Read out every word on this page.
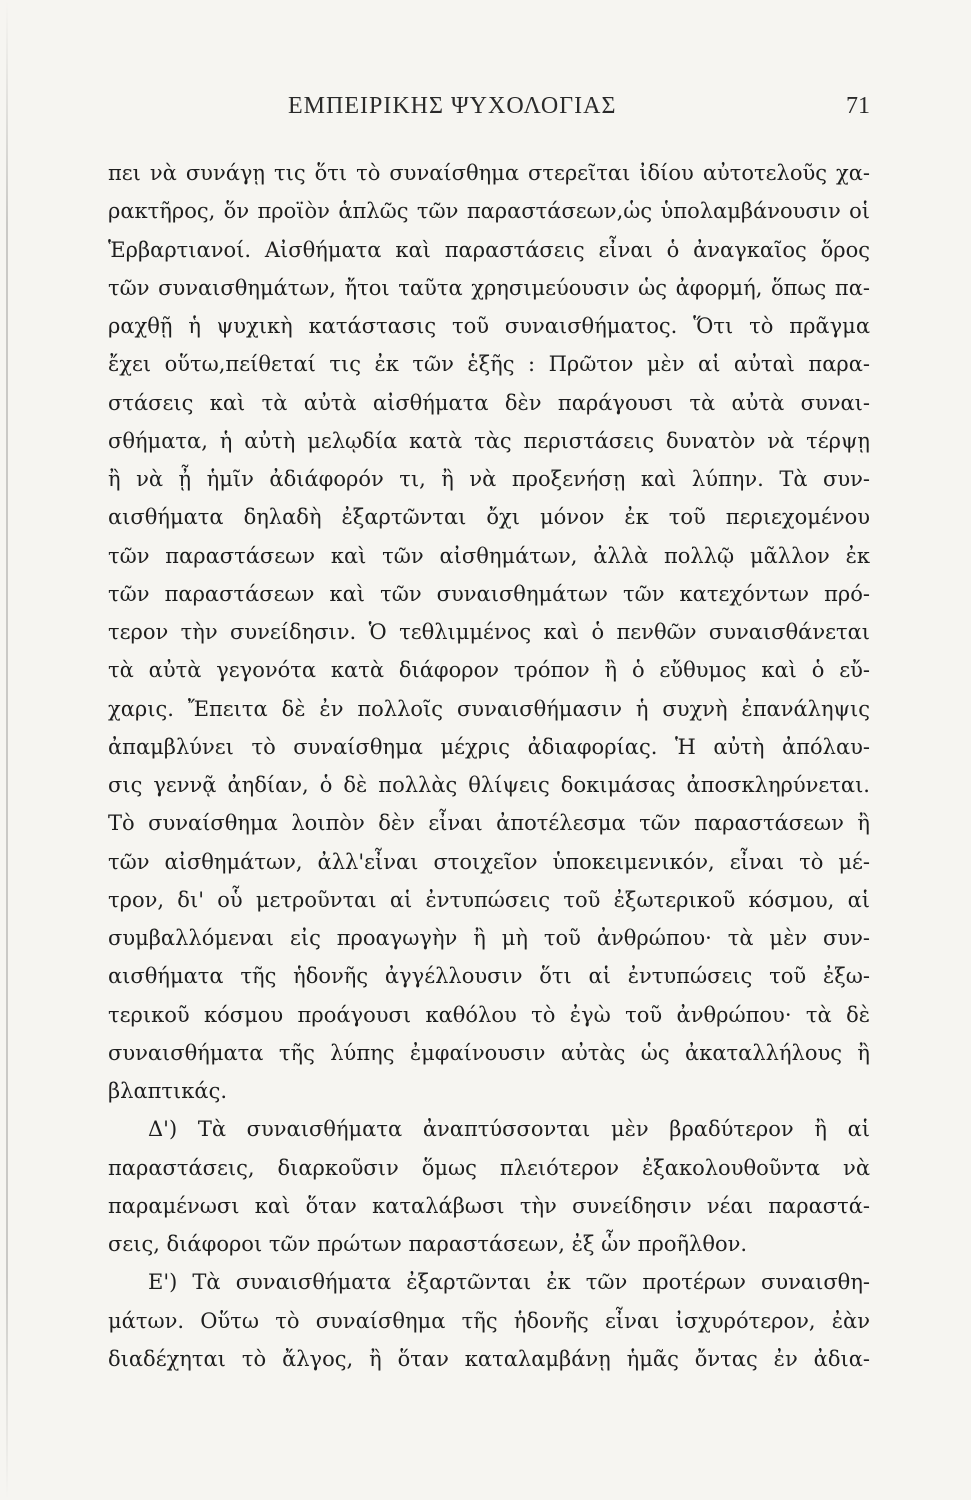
ΕΜΠΕΙΡΙΚΗΣ ΨΥΧΟΛΟΓΙΑΣ	71
πει νὰ συνάγῃ τις ὅτι τὸ συναίσθημα στερεῖται ἰδίου αὐτοτελοῦς χα-
ρακτῆρος, ὅν προϊὸν ἁπλῶς τῶν παραστάσεων,ὡς ὑπολαμβάνουσιν οἱ
Ἑρβαρτιανοί. Αἰσθήματα καὶ παραστάσεις εἶναι ὁ ἀναγκαῖος ὅρος
τῶν συναισθημάτων, ἤτοι ταῦτα χρησιμεύουσιν ὡς ἀφορμή, ὅπως πα-
ραχθῇ ἡ ψυχικὴ κατάστασις τοῦ συναισθήματος. Ὅτι τὸ πρᾶγμα
ἔχει οὕτω,πείθεταί τις ἐκ τῶν ἑξῆς : Πρῶτον μὲν αἱ αὐταὶ παρα-
στάσεις καὶ τὰ αὐτὰ αἰσθήματα δὲν παράγουσι τὰ αὐτὰ συναι-
σθήματα, ἡ αὐτὴ μελῳδία κατὰ τὰς περιστάσεις δυνατὸν νὰ τέρψῃ
ἢ νὰ ᾖ ἡμῖν ἀδιάφορόν τι, ἢ νὰ προξενήσῃ καὶ λύπην. Τὰ συν-
αισθήματα δηλαδὴ ἐξαρτῶνται ὄχι μόνον ἐκ τοῦ περιεχομένου
τῶν παραστάσεων καὶ τῶν αἰσθημάτων, ἀλλὰ πολλῷ μᾶλλον ἐκ
τῶν παραστάσεων καὶ τῶν συναισθημάτων τῶν κατεχόντων πρό-
τερον τὴν συνείδησιν. Ὁ τεθλιμμένος καὶ ὁ πενθῶν συναισθάνεται
τὰ αὐτὰ γεγονότα κατὰ διάφορον τρόπον ἢ ὁ εὔθυμος καὶ ὁ εὔ-
χαρις. Ἔπειτα δὲ ἐν πολλοῖς συναισθήμασιν ἡ συχνὴ ἐπανάληψις
ἀπαμβλύνει τὸ συναίσθημα μέχρις ἀδιαφορίας. Ἡ αὐτὴ ἀπόλαυ-
σις γεννᾷ ἀηδίαν, ὁ δὲ πολλὰς θλίψεις δοκιμάσας ἀποσκληρύνεται.
Τὸ συναίσθημα λοιπὸν δὲν εἶναι ἀποτέλεσμα τῶν παραστάσεων ἢ
τῶν αἰσθημάτων, ἀλλ'εἶναι στοιχεῖον ὑποκειμενικόν, εἶναι τὸ μέ-
τρον, δι' οὗ μετροῦνται αἱ ἐντυπώσεις τοῦ ἐξωτερικοῦ κόσμου, αἱ
συμβαλλόμεναι εἰς προαγωγὴν ἢ μὴ τοῦ ἀνθρώπου· τὰ μὲν συν-
αισθήματα τῆς ἡδονῆς ἀγγέλλουσιν ὅτι αἱ ἐντυπώσεις τοῦ ἐξω-
τερικοῦ κόσμου προάγουσι καθόλου τὸ ἐγὼ τοῦ ἀνθρώπου· τὰ δὲ
συναισθήματα τῆς λύπης ἐμφαίνουσιν αὐτὰς ὡς ἀκαταλλήλους ἢ
βλαπτικάς.
Δ') Τὰ συναισθήματα ἀναπτύσσονται μὲν βραδύτερον ἢ αἱ
παραστάσεις, διαρκοῦσιν ὅμως πλειότερον ἐξακολουθοῦντα νὰ
παραμένωσι καὶ ὅταν καταλάβωσι τὴν συνείδησιν νέαι παραστά-
σεις, διάφοροι τῶν πρώτων παραστάσεων, ἐξ ὧν προῆλθον.
Ε') Τὰ συναισθήματα ἐξαρτῶνται ἐκ τῶν προτέρων συναισθη-
μάτων. Οὕτω τὸ συναίσθημα τῆς ἡδονῆς εἶναι ἰσχυρότερον, ἐὰν
διαδέχηται τὸ ἄλγος, ἢ ὅταν καταλαμβάνῃ ἡμᾶς ὄντας ἐν ἀδια-
